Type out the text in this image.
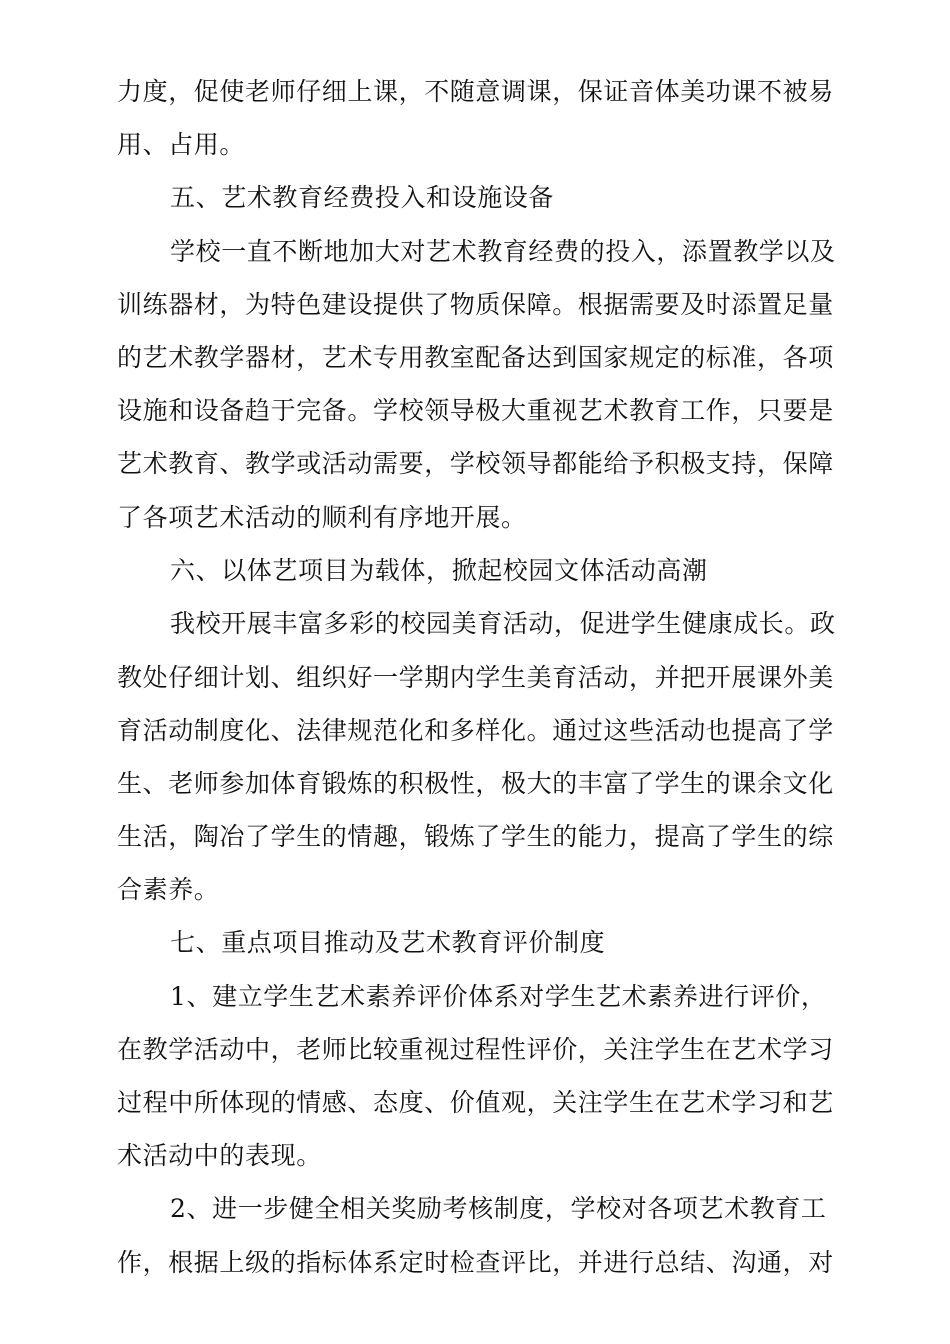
力度，促使老师仔细上课，不随意调课，保证音体美功课不被易
用、占用。
五、艺术教育经费投入和设施设备
学校一直不断地加大对艺术教育经费的投入，添置教学以及
训练器材，为特色建设提供了物质保障。根据需要及时添置足量
的艺术教学器材，艺术专用教室配备达到国家规定的标准，各项
设施和设备趋于完备。学校领导极大重视艺术教育工作，只要是
艺术教育、教学或活动需要，学校领导都能给予积极支持，保障
了各项艺术活动的顺利有序地开展。
六、以体艺项目为载体，掀起校园文体活动高潮
我校开展丰富多彩的校园美育活动，促进学生健康成长。政
教处仔细计划、组织好一学期内学生美育活动，并把开展课外美
育活动制度化、法律规范化和多样化。通过这些活动也提高了学
生、老师参加体育锻炼的积极性，极大的丰富了学生的课余文化
生活，陶冶了学生的情趣，锻炼了学生的能力，提高了学生的综
合素养。
七、重点项目推动及艺术教育评价制度
1、建立学生艺术素养评价体系对学生艺术素养进行评价，
在教学活动中，老师比较重视过程性评价，关注学生在艺术学习
过程中所体现的情感、态度、价值观，关注学生在艺术学习和艺
术活动中的表现。
2、进一步健全相关奖励考核制度，学校对各项艺术教育工
作，根据上级的指标体系定时检查评比，并进行总结、沟通，对
